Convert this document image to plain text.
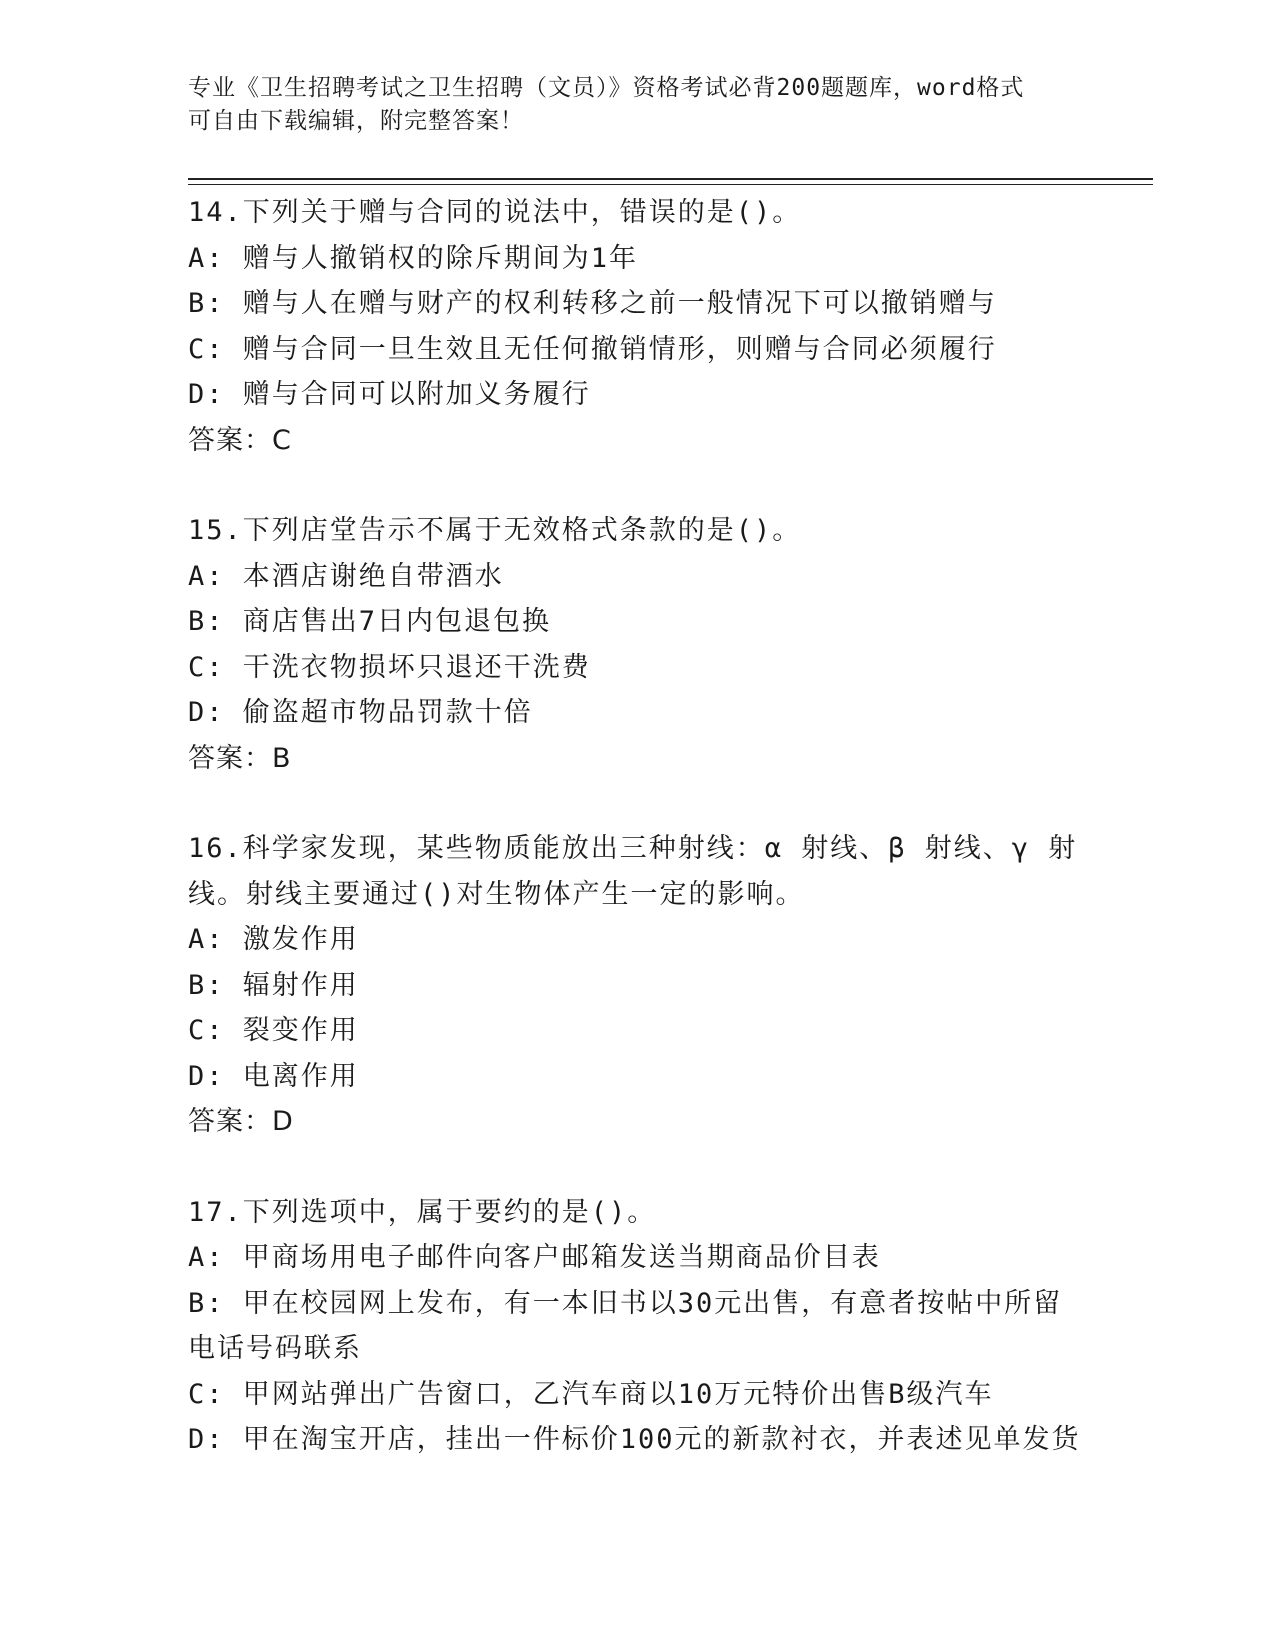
专业《卫生招聘考试之卫生招聘（文员）》资格考试必背200题题库，word格式
可自由下载编辑，附完整答案！
14.下列关于赠与合同的说法中，错误的是()。
A: 赠与人撤销权的除斥期间为1年
B: 赠与人在赠与财产的权利转移之前一般情况下可以撤销赠与
C: 赠与合同一旦生效且无任何撤销情形，则赠与合同必须履行
D: 赠与合同可以附加义务履行
答案：C
15.下列店堂告示不属于无效格式条款的是()。
A: 本酒店谢绝自带酒水
B: 商店售出7日内包退包换
C: 干洗衣物损坏只退还干洗费
D: 偷盗超市物品罚款十倍
答案：B
16.科学家发现，某些物质能放出三种射线：α 射线、β 射线、γ 射
线。射线主要通过()对生物体产生一定的影响。
A: 激发作用
B: 辐射作用
C: 裂变作用
D: 电离作用
答案：D
17.下列选项中，属于要约的是()。
A: 甲商场用电子邮件向客户邮箱发送当期商品价目表
B: 甲在校园网上发布，有一本旧书以30元出售，有意者按帖中所留
电话号码联系
C: 甲网站弹出广告窗口，乙汽车商以10万元特价出售B级汽车
D: 甲在淘宝开店，挂出一件标价100元的新款衬衣，并表述见单发货
